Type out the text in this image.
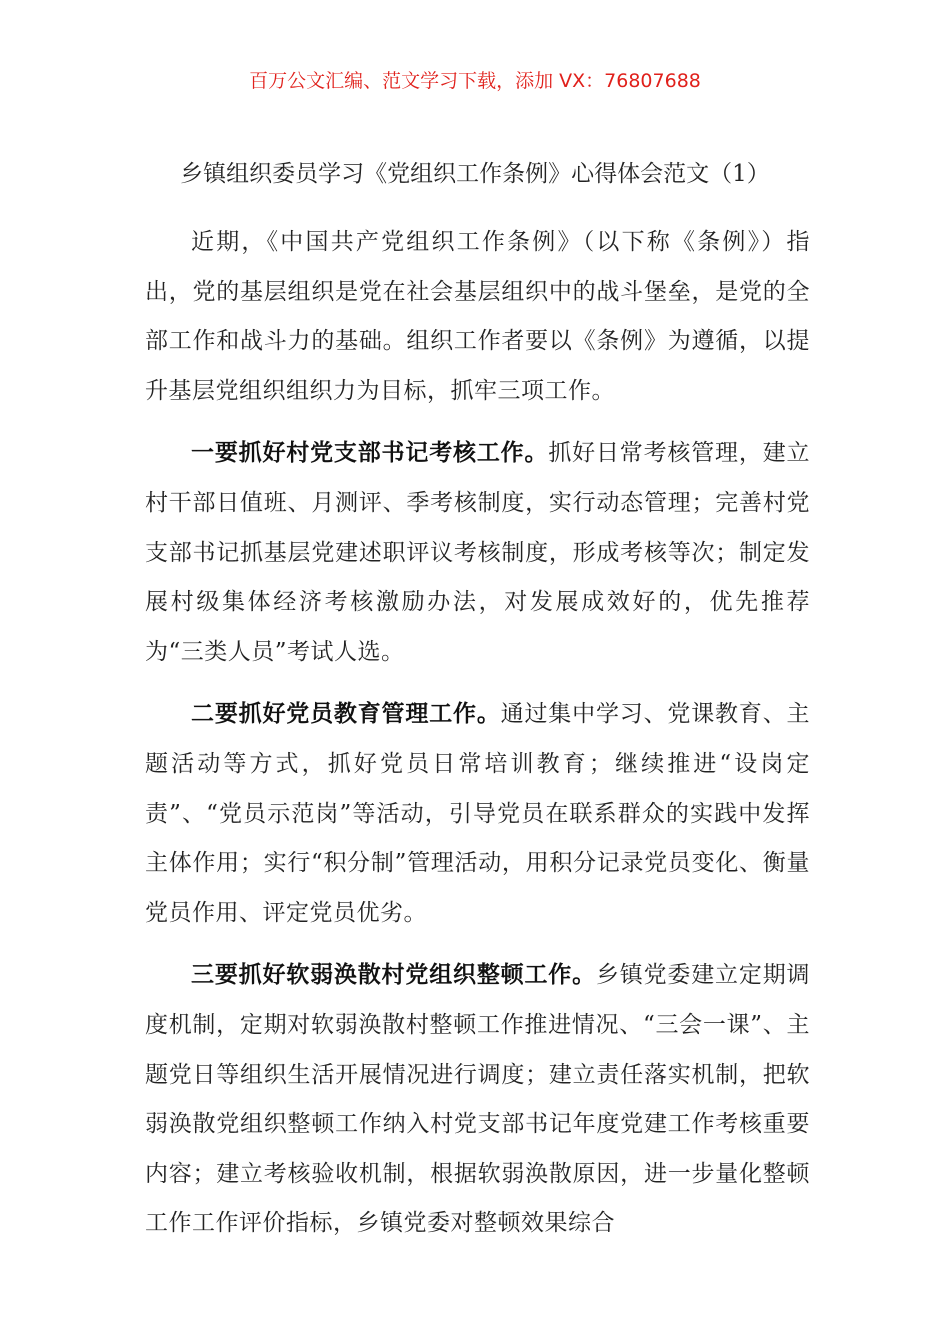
百万公文汇编、范文学习下载，添加 VX：76807688
乡镇组织委员学习《党组织工作条例》心得体会范文（1）

近期，《中国共产党组织工作条例》（以下称《条例》）指出，党的基层组织是党在社会基层组织中的战斗堡垒，是党的全部工作和战斗力的基础。组织工作者要以《条例》为遵循，以提升基层党组织组织力为目标，抓牢三项工作。

一要抓好村党支部书记考核工作。抓好日常考核管理，建立村干部日值班、月测评、季考核制度，实行动态管理；完善村党支部书记抓基层党建述职评议考核制度，形成考核等次；制定发展村级集体经济考核激励办法，对发展成效好的，优先推荐为“三类人员”考试人选。

二要抓好党员教育管理工作。通过集中学习、党课教育、主题活动等方式，抓好党员日常培训教育；继续推进“设岗定责”、“党员示范岗”等活动，引导党员在联系群众的实践中发挥主体作用；实行“积分制”管理活动，用积分记录党员变化、衡量党员作用、评定党员优劣。

三要抓好软弱涣散村党组织整顿工作。乡镇党委建立定期调度机制，定期对软弱涣散村整顿工作推进情况、“三会一课”、主题党日等组织生活开展情况进行调度；建立责任落实机制，把软弱涣散党组织整顿工作纳入村党支部书记年度党建工作考核重要内容；建立考核验收机制，根据软弱涣散原因，进一步量化整顿工作工作评价指标，乡镇党委对整顿效果综合
